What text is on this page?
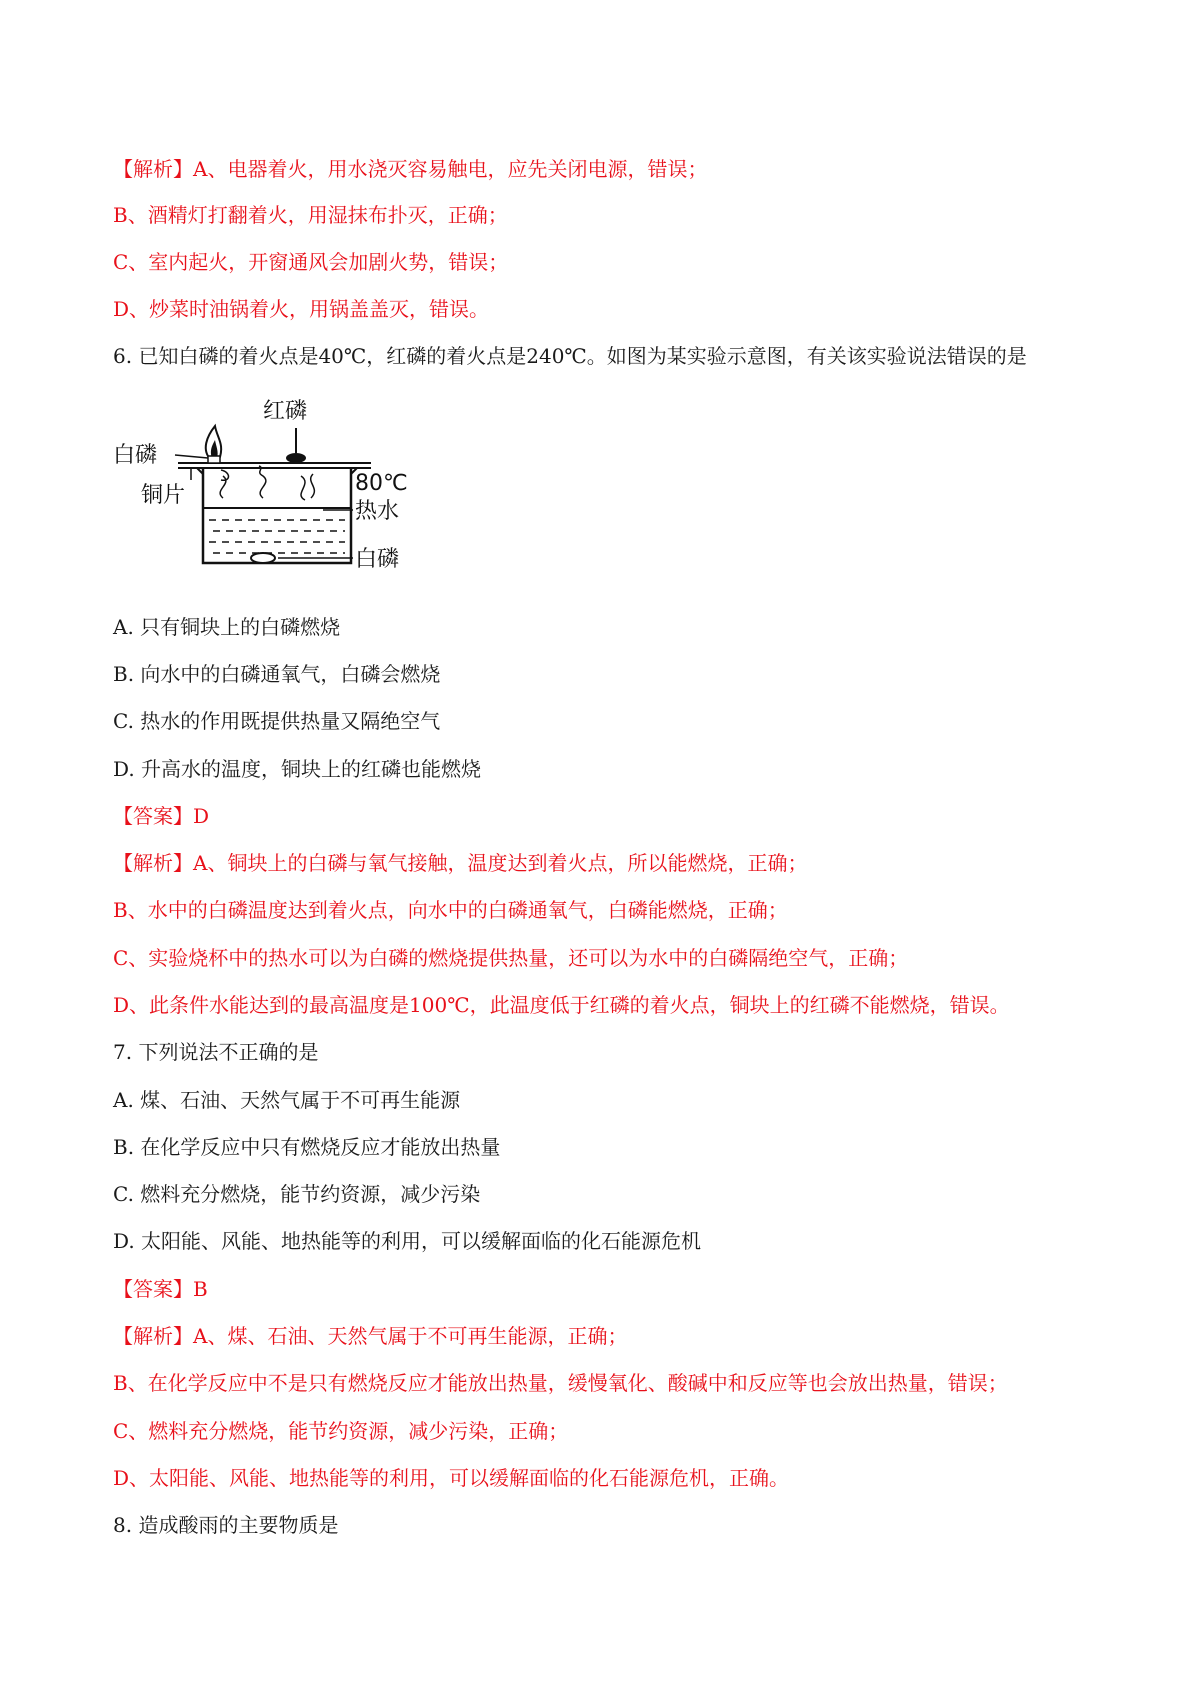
【解析】A、电器着火，用水浇灭容易触电，应先关闭电源，错误；
B、酒精灯打翻着火，用湿抹布扑灭，正确；
C、室内起火，开窗通风会加剧火势，错误；
D、炒菜时油锅着火，用锅盖盖灭，错误。
6. 已知白磷的着火点是40℃，红磷的着火点是240℃。如图为某实验示意图，有关该实验说法错误的是
红磷
白磷
铜片	80℃
热水
白磷
A. 只有铜块上的白磷燃烧
B. 向水中的白磷通氧气，白磷会燃烧
C. 热水的作用既提供热量又隔绝空气
D. 升高水的温度，铜块上的红磷也能燃烧
【答案】D
【解析】A、铜块上的白磷与氧气接触，温度达到着火点，所以能燃烧，正确；
B、水中的白磷温度达到着火点，向水中的白磷通氧气，白磷能燃烧，正确；
C、实验烧杯中的热水可以为白磷的燃烧提供热量，还可以为水中的白磷隔绝空气，正确；
D、此条件水能达到的最高温度是100℃，此温度低于红磷的着火点，铜块上的红磷不能燃烧，错误。
7. 下列说法不正确的是
A. 煤、石油、天然气属于不可再生能源
B. 在化学反应中只有燃烧反应才能放出热量
C. 燃料充分燃烧，能节约资源，减少污染
D. 太阳能、风能、地热能等的利用，可以缓解面临的化石能源危机
【答案】B
【解析】A、煤、石油、天然气属于不可再生能源，正确；
B、在化学反应中不是只有燃烧反应才能放出热量，缓慢氧化、酸碱中和反应等也会放出热量，错误；
C、燃料充分燃烧，能节约资源，减少污染，正确；
D、太阳能、风能、地热能等的利用，可以缓解面临的化石能源危机，正确。
8. 造成酸雨的主要物质是
